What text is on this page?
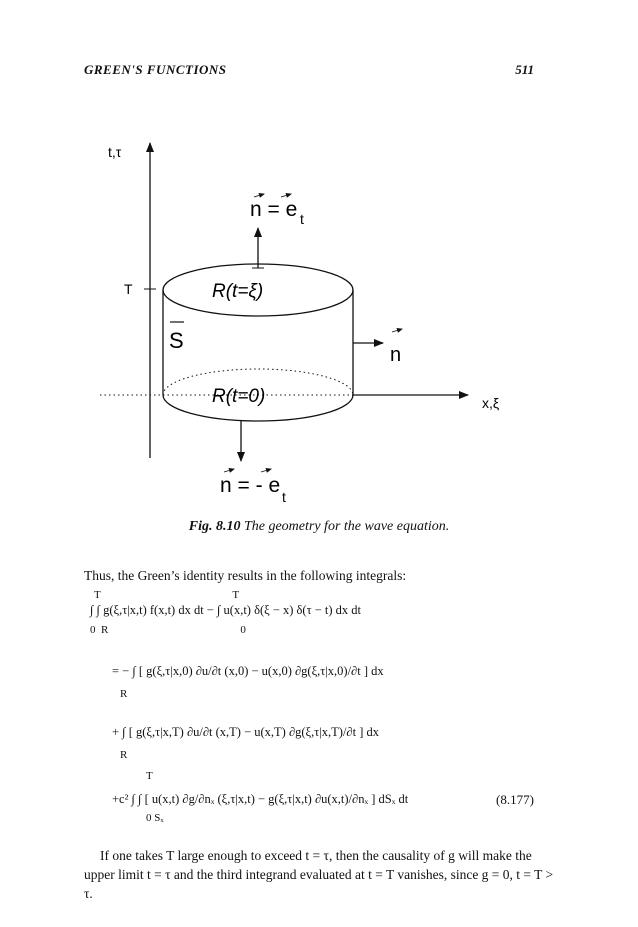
GREEN'S FUNCTIONS	511
t,τ
T
x,ξ
n = e t
R(t=ξ)
S
n
R(t=0)
n = - e t
Fig. 8.10 The geometry for the wave equation.
Thus, the Green’s identity results in the following integrals:
T                                                T
∫ ∫ g(ξ,τ|x,t) f(x,t) dx dt − ∫ u(x,t) δ(ξ − x) δ(τ − t) dx dt
0  R                                                0
= − ∫ [ g(ξ,τ|x,0) ∂u/∂t (x,0) − u(x,0) ∂g(ξ,τ|x,0)/∂t ] dx
R
+ ∫ [ g(ξ,τ|x,T) ∂u/∂t (x,T) − u(x,T) ∂g(ξ,τ|x,T)/∂t ] dx
R
T
+c² ∫ ∫ [ u(x,t) ∂g/∂nₓ (ξ,τ|x,t) − g(ξ,τ|x,t) ∂u(x,t)/∂nₓ ] dSₓ dt	(8.177)
0 Sₓ
If one takes T large enough to exceed t = τ, then the causality of g will make the upper limit t = τ and the third integrand evaluated at t = T vanishes, since g = 0, t = T > τ.
